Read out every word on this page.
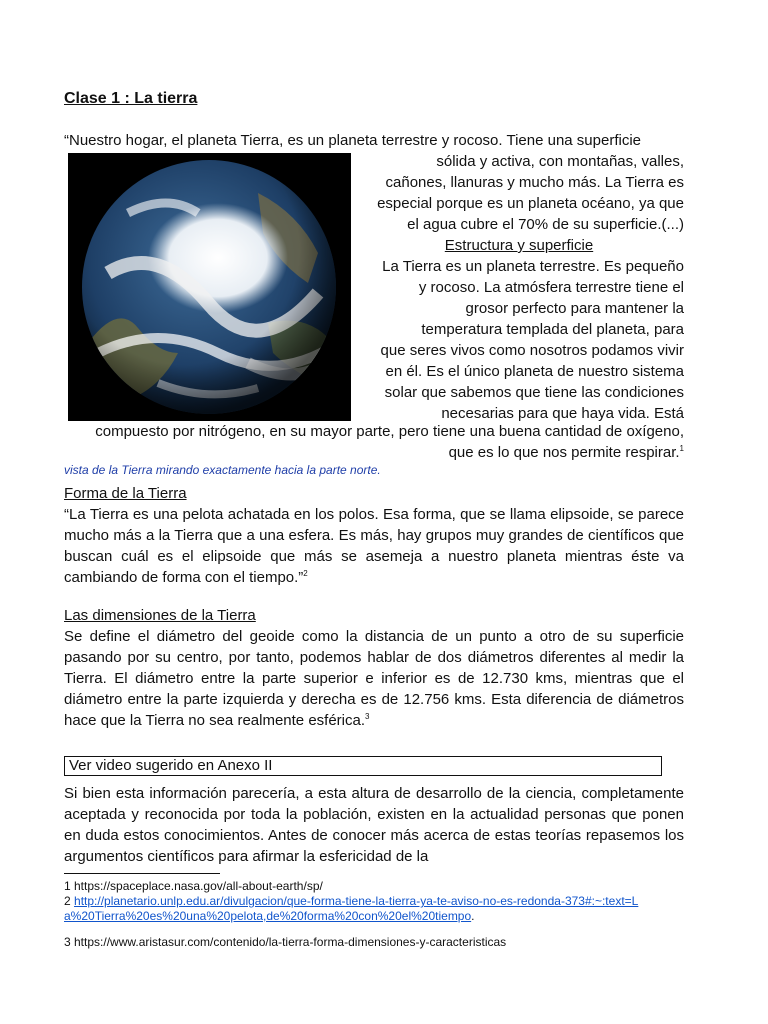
Clase 1 : La tierra

“Nuestro hogar, el planeta Tierra, es un planeta terrestre y rocoso. Tiene una superficie

sólida y activa, con montañas, valles,

cañones, llanuras y mucho más. La Tierra es

especial porque es un planeta océano, ya que

el agua cubre el 70% de su superficie.(...)

Estructura y superficie

La Tierra es un planeta terrestre. Es pequeño

y rocoso. La atmósfera terrestre tiene el

grosor perfecto para mantener la

temperatura templada del planeta, para

que seres vivos como nosotros podamos vivir

en él. Es el único planeta de nuestro sistema

solar que sabemos que tiene las condiciones

necesarias para que haya vida. Está

compuesto por nitrógeno, en su mayor parte, pero tiene una buena cantidad de oxígeno,

que es lo que nos permite respirar.$^1$

vista de la Tierra mirando exactamente hacia la parte norte.

Forma de la Tierra

“La Tierra es una pelota achatada en los polos. Esa forma, que se llama elipsoide, se parece mucho más a la Tierra que a una esfera. Es más, hay grupos muy grandes de científicos que buscan cuál es el elipsoide que más se asemeja a nuestro planeta mientras éste va cambiando de forma con el tiempo.”$^2$

Las dimensiones de la Tierra

Se define el diámetro del geoide como la distancia de un punto a otro de su superficie pasando por su centro, por tanto, podemos hablar de dos diámetros diferentes al medir la Tierra. El diámetro entre la parte superior e inferior es de 12.730 kms, mientras que el diámetro entre la parte izquierda y derecha es de 12.756 kms. Esta diferencia de diámetros hace que la Tierra no sea realmente esférica.$^3$

Ver video sugerido en Anexo II

Si bien esta información parecería, a esta altura de desarrollo de la ciencia, completamente aceptada y reconocida por toda la población, existen en la actualidad personas que ponen en duda estos conocimientos. Antes de conocer más acerca de estas teorías repasemos los argumentos científicos para afirmar la esfericidad de la

1 https://spaceplace.nasa.gov/all-about-earth/sp/

2 http://planetario.unlp.edu.ar/divulgacion/que-forma-tiene-la-tierra-ya-te-aviso-no-es-redonda-373#:~:text=L
a%20Tierra%20es%20una%20pelota,de%20forma%20con%20el%20tiempo.

3 https://www.aristasur.com/contenido/la-tierra-forma-dimensiones-y-caracteristicas
